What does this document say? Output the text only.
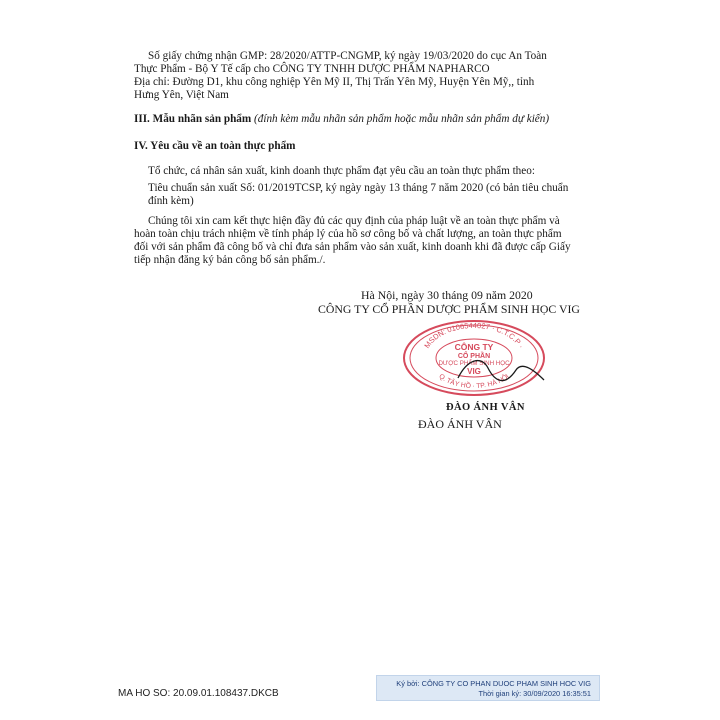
Số giấy chứng nhận GMP: 28/2020/ATTP-CNGMP, ký ngày 19/03/2020 do cục An Toàn
Thực Phẩm - Bộ Y Tế cấp cho CÔNG TY TNHH DƯỢC PHẨM NAPHARCO
Địa chỉ: Đường D1, khu công nghiệp Yên Mỹ II, Thị Trấn Yên Mỹ, Huyện Yên Mỹ,, tỉnh
Hưng Yên, Việt Nam
III. Mẫu nhãn sản phẩm (đính kèm mẫu nhãn sản phẩm hoặc mẫu nhãn sản phẩm dự kiến)
IV. Yêu cầu về an toàn thực phẩm
Tổ chức, cá nhân sản xuất, kinh doanh thực phẩm đạt yêu cầu an toàn thực phẩm theo:
Tiêu chuẩn sản xuất Số: 01/2019TCSP, ký ngày ngày 13 tháng 7 năm 2020 (có bản tiêu chuẩn
đính kèm)
Chúng tôi xin cam kết thực hiện đầy đủ các quy định của pháp luật về an toàn thực phẩm và
hoàn toàn chịu trách nhiệm về tính pháp lý của hồ sơ công bố và chất lượng, an toàn thực phẩm
đối với sản phẩm đã công bố và chỉ đưa sản phẩm vào sản xuất, kinh doanh khi đã được cấp Giấy
tiếp nhận đăng ký bản công bố sản phẩm./.
Hà Nội, ngày 30 tháng 09 năm 2020
CÔNG TY CỔ PHẦN DƯỢC PHẨM SINH HỌC VIG
MSDN: 0106544027 · C.T.C.P ·
Q. TÂY HỒ · TP. HÀ NỘI
CÔNG TY
CỔ PHẦN
DƯỢC PHẨM SINH HỌC
VIG
ĐÀO ÁNH VÂN
ĐÀO ÁNH VÂN
MA HO SO: 20.09.01.108437.DKCB
Ký bởi: CÔNG TY CO PHAN DUOC PHAM SINH HOC VIG
Thời gian ký: 30/09/2020 16:35:51
